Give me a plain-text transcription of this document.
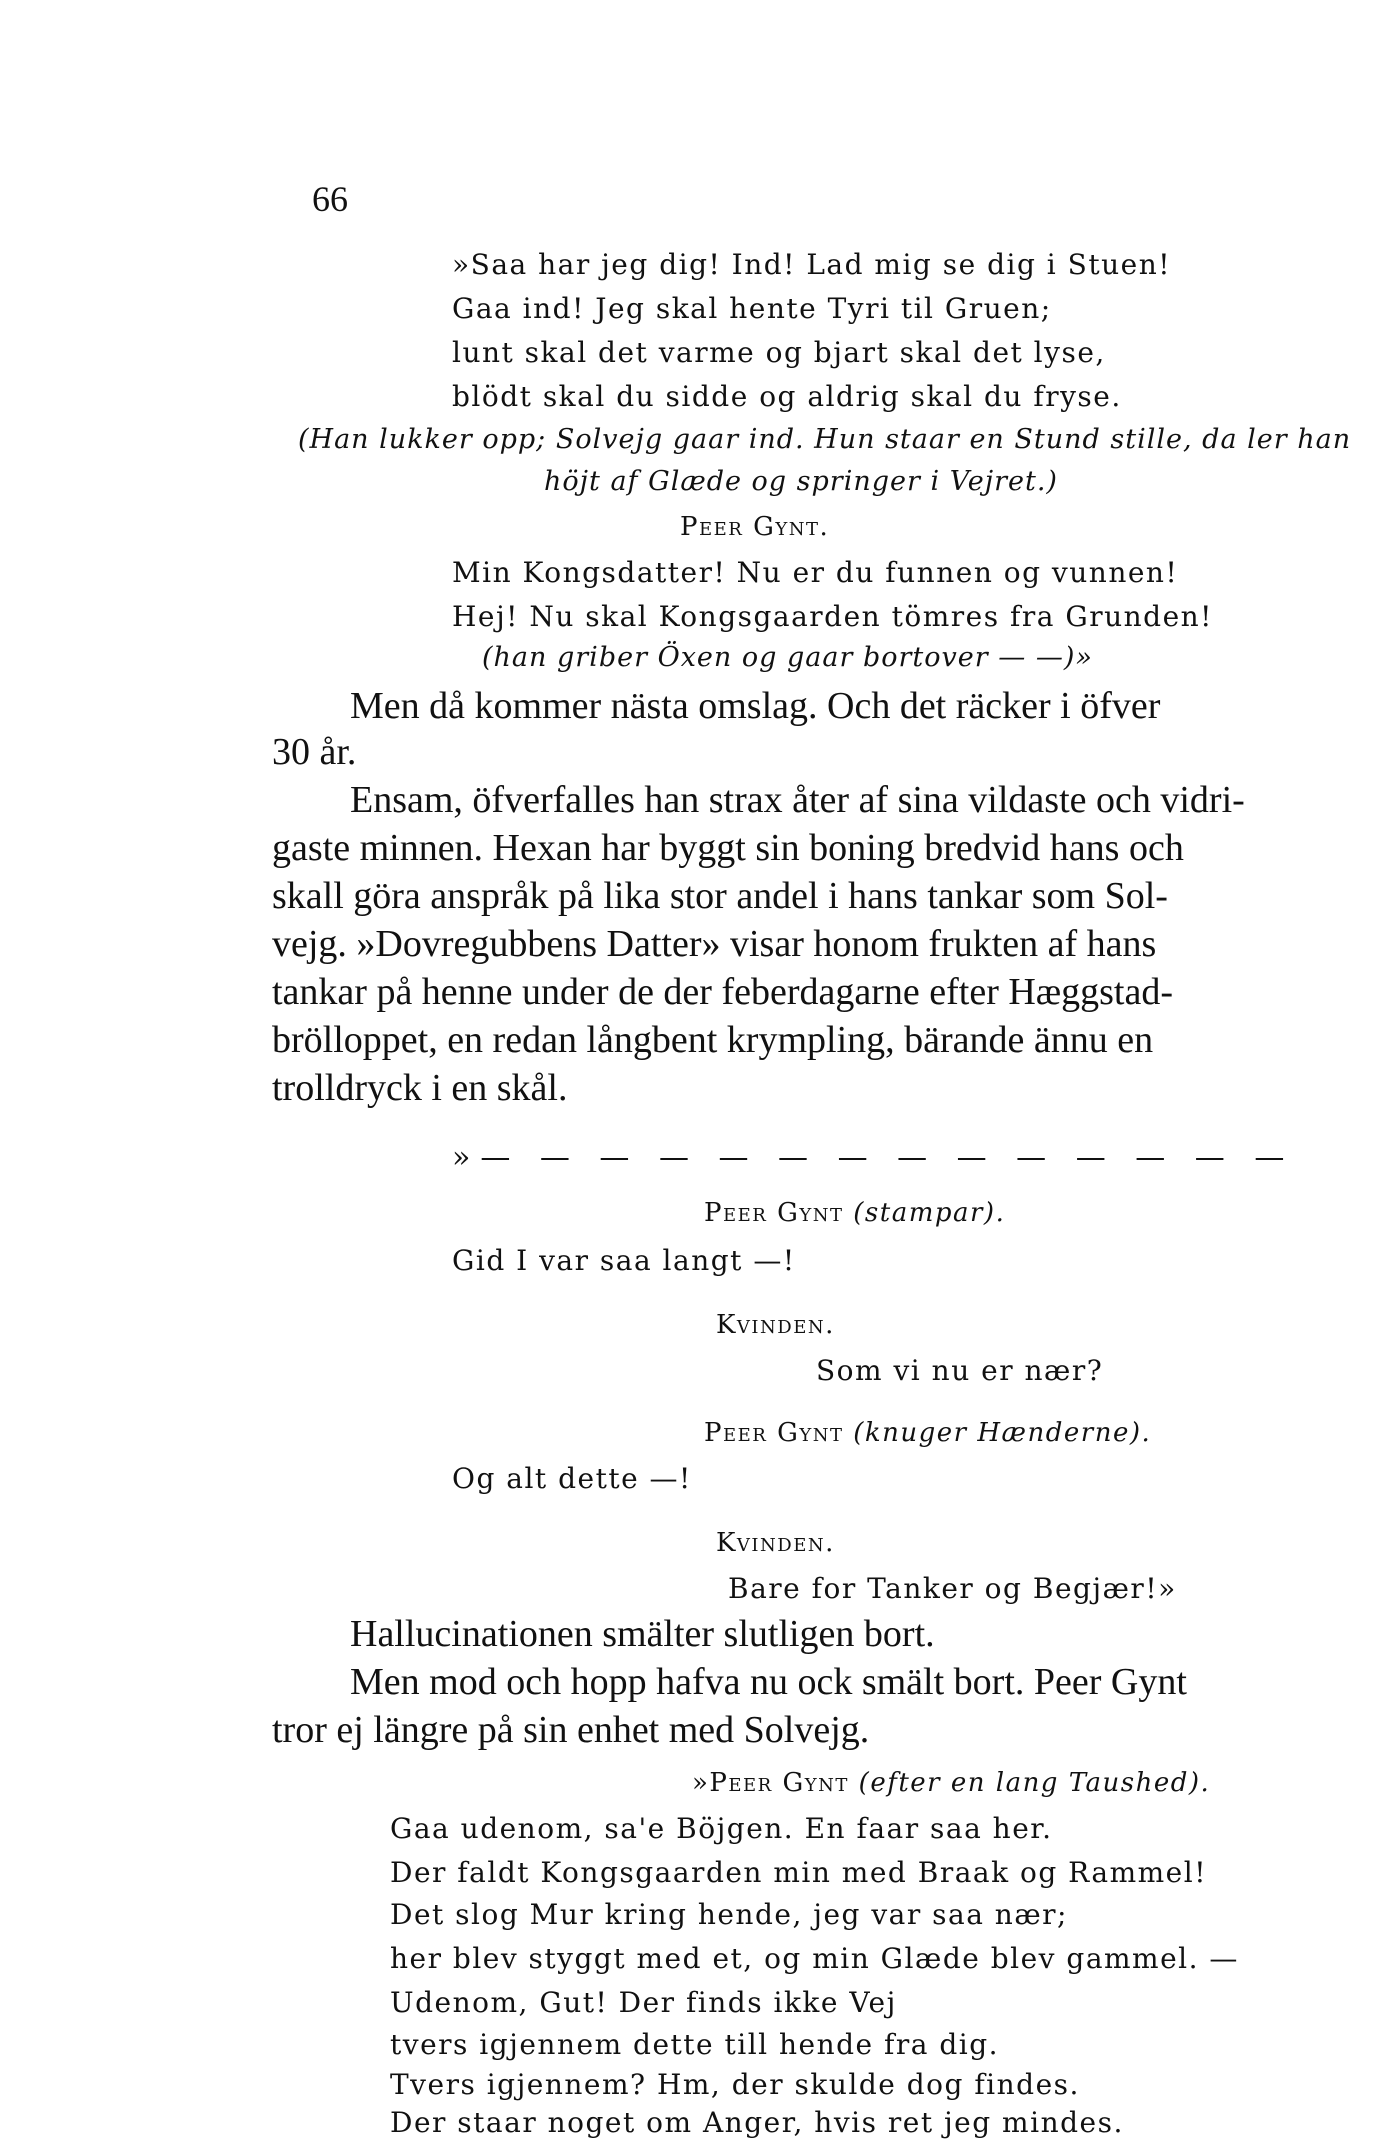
66
»Saa har jeg dig! Ind! Lad mig se dig i Stuen!
Gaa ind! Jeg skal hente Tyri til Gruen;
lunt skal det varme og bjart skal det lyse,
blödt skal du sidde og aldrig skal du fryse.
(Han lukker opp; Solvejg gaar ind. Hun staar en Stund stille, da ler han
höjt af Glæde og springer i Vejret.)
Peer Gynt.
Min Kongsdatter! Nu er du funnen og vunnen!
Hej! Nu skal Kongsgaarden tömres fra Grunden!
(han griber Öxen og gaar bortover — —)»
Men då kommer nästa omslag. Och det räcker i öfver
30 år.
Ensam, öfverfalles han strax åter af sina vildaste och vidri-
gaste minnen. Hexan har byggt sin boning bredvid hans och
skall göra anspråk på lika stor andel i hans tankar som Sol-
vejg. »Dovregubbens Datter» visar honom frukten af hans
tankar på henne under de der feberdagarne efter Hæggstad-
brölloppet, en redan långbent krympling, bärande ännu en
trolldryck i en skål.
»— — — — — — — — — — — — — —
Peer Gynt (stampar).
Gid I var saa langt —!
Kvinden.
Som vi nu er nær?
Peer Gynt (knuger Hænderne).
Og alt dette —!
Kvinden.
Bare for Tanker og Begjær!»
Hallucinationen smälter slutligen bort.
Men mod och hopp hafva nu ock smält bort. Peer Gynt
tror ej längre på sin enhet med Solvejg.
»Peer Gynt (efter en lang Taushed).
Gaa udenom, sa'e Böjgen. En faar saa her.
Der faldt Kongsgaarden min med Braak og Rammel!
Det slog Mur kring hende, jeg var saa nær;
her blev styggt med et, og min Glæde blev gammel. —
Udenom, Gut! Der finds ikke Vej
tvers igjennem dette till hende fra dig.
Tvers igjennem? Hm, der skulde dog findes.
Der staar noget om Anger, hvis ret jeg mindes.
